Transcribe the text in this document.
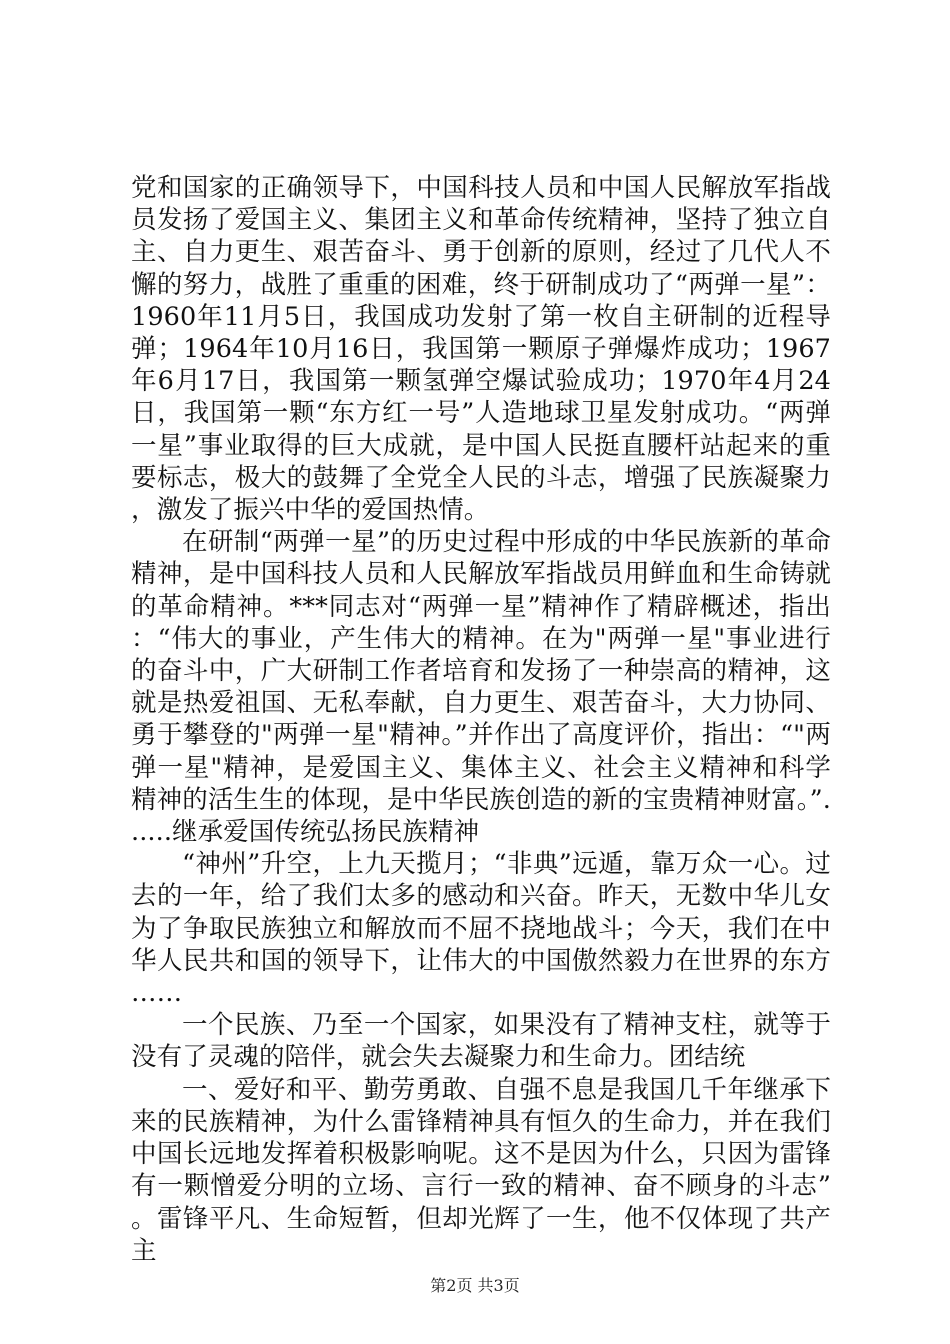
党和国家的正确领导下，中国科技人员和中国人民解放军指战员发扬了爱国主义、集团主义和革命传统精神，坚持了独立自主、自力更生、艰苦奋斗、勇于创新的原则，经过了几代人不懈的努力，战胜了重重的困难，终于研制成功了“两弹一星”：1960年11月5日，我国成功发射了第一枚自主研制的近程导弹；1964年10月16日，我国第一颗原子弹爆炸成功；1967年6月17日，我国第一颗氢弹空爆试验成功；1970年4月24日，我国第一颗“东方红一号”人造地球卫星发射成功。“两弹一星”事业取得的巨大成就，是中国人民挺直腰杆站起来的重要标志，极大的鼓舞了全党全人民的斗志，增强了民族凝聚力，激发了振兴中华的爱国热情。

在研制“两弹一星”的历史过程中形成的中华民族新的革命精神，是中国科技人员和人民解放军指战员用鲜血和生命铸就的革命精神。***同志对“两弹一星”精神作了精辟概述，指出：“伟大的事业，产生伟大的精神。在为"两弹一星"事业进行的奋斗中，广大研制工作者培育和发扬了一种崇高的精神，这就是热爱祖国、无私奉献，自力更生、艰苦奋斗，大力协同、勇于攀登的"两弹一星"精神。”并作出了高度评价，指出：“"两弹一星"精神，是爱国主义、集体主义、社会主义精神和科学精神的活生生的体现，是中华民族创造的新的宝贵精神财富。”......继承爱国传统弘扬民族精神

“神州”升空，上九天揽月；“非典”远遁，靠万众一心。过去的一年，给了我们太多的感动和兴奋。昨天，无数中华儿女为了争取民族独立和解放而不屈不挠地战斗；今天，我们在中华人民共和国的领导下，让伟大的中国傲然毅力在世界的东方……

一个民族、乃至一个国家，如果没有了精神支柱，就等于没有了灵魂的陪伴，就会失去凝聚力和生命力。团结统

一、爱好和平、勤劳勇敢、自强不息是我国几千年继承下来的民族精神，为什么雷锋精神具有恒久的生命力，并在我们中国长远地发挥着积极影响呢。这不是因为什么，只因为雷锋有一颗憎爱分明的立场、言行一致的精神、奋不顾身的斗志”。雷锋平凡、生命短暂，但却光辉了一生，他不仅体现了共产主

第2页 共3页
